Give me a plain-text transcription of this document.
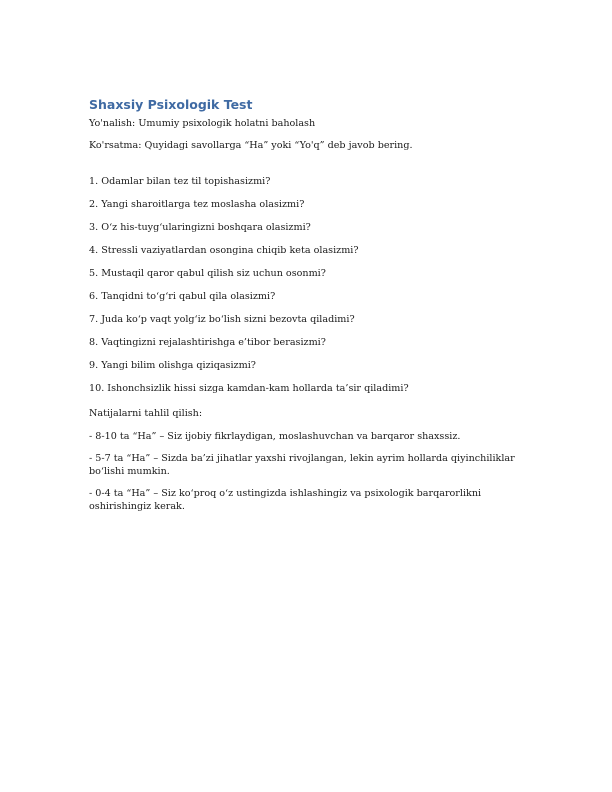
Shaxsiy Psixologik Test

Yo'nalish: Umumiy psixologik holatni baholash

Ko'rsatma: Quyidagi savollarga “Ha” yoki “Yo'q” deb javob bering.

1. Odamlar bilan tez til topishasizmi?

2. Yangi sharoitlarga tez moslasha olasizmi?

3. O‘z his-tuyg‘ularingizni boshqara olasizmi?

4. Stressli vaziyatlardan osongina chiqib keta olasizmi?

5. Mustaqil qaror qabul qilish siz uchun osonmi?

6. Tanqidni to‘g‘ri qabul qila olasizmi?

7. Juda ko‘p vaqt yolg‘iz bo‘lish sizni bezovta qiladimi?

8. Vaqtingizni rejalashtirishga e’tibor berasizmi?

9. Yangi bilim olishga qiziqasizmi?

10. Ishonchsizlik hissi sizga kamdan-kam hollarda ta’sir qiladimi?

Natijalarni tahlil qilish:

- 8-10 ta “Ha” – Siz ijobiy fikrlaydigan, moslashuvchan va barqaror shaxssiz.

- 5-7 ta “Ha” – Sizda ba’zi jihatlar yaxshi rivojlangan, lekin ayrim hollarda qiyinchiliklar bo‘lishi mumkin.

- 0-4 ta “Ha” – Siz ko‘proq o‘z ustingizda ishlashingiz va psixologik barqarorlikni oshirishingiz kerak.
